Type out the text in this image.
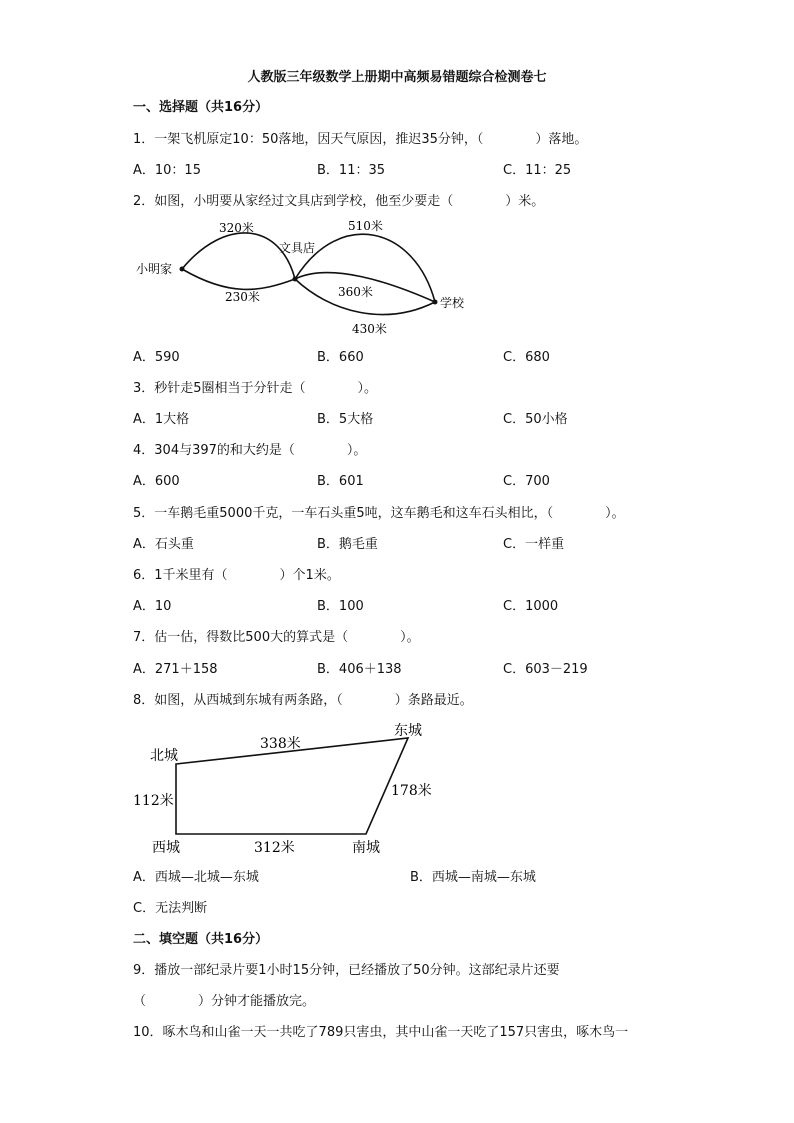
人教版三年级数学上册期中高频易错题综合检测卷七
一、选择题（共16分）
1．一架飞机原定10：50落地，因天气原因，推迟35分钟，（　　　　）落地。
A．10：15	B．11：35	C．11：25
2．如图，小明要从家经过文具店到学校，他至少要走（　　　　）米。
小明家
文具店
学校
320米
230米
510米
360米
430米
A．590	B．660	C．680
3．秒针走5圈相当于分针走（　　　　）。
A．1大格	B．5大格	C．50小格
4．304与397的和大约是（　　　　）。
A．600	B．601	C．700
5．一车鹅毛重5000千克，一车石头重5吨，这车鹅毛和这车石头相比，（　　　　）。
A．石头重	B．鹅毛重	C．一样重
6．1千米里有（　　　　）个1米。
A．10	B．100	C．1000
7．估一估，得数比500大的算式是（　　　　）。
A．271＋158	B．406＋138	C．603－219
8．如图，从西城到东城有两条路，（　　　　）条路最近。
北城
东城
西城	南城
338米
112米
178米
312米
A．西城—北城—东城	B．西城—南城—东城
C．无法判断
二、填空题（共16分）
9．播放一部纪录片要1小时15分钟，已经播放了50分钟。这部纪录片还要
（　　　　）分钟才能播放完。
10．啄木鸟和山雀一天一共吃了789只害虫，其中山雀一天吃了157只害虫，啄木鸟一
